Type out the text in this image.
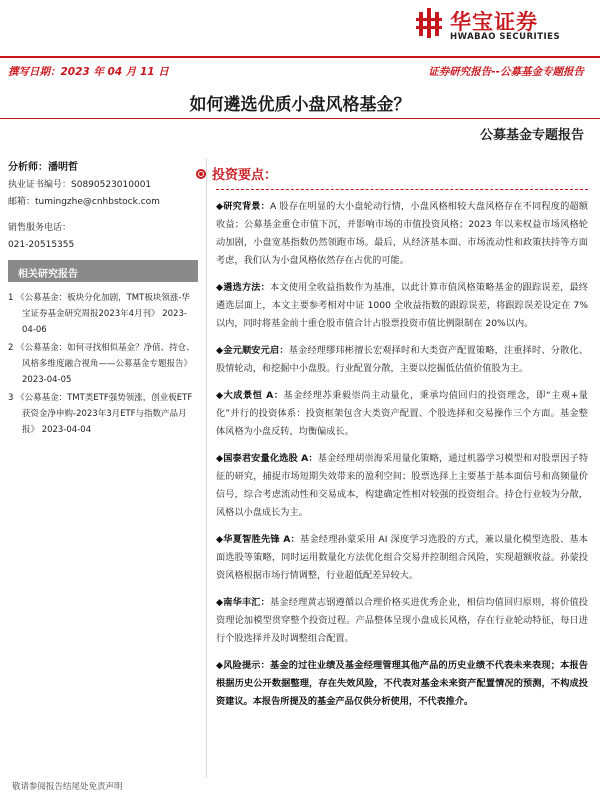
华宝证券
HWABAO SECURITIES
撰写日期：2023 年 04 月 11 日	证券研究报告--公募基金专题报告
如何遴选优质小盘风格基金？
公募基金专题报告
分析师：潘明哲
执业证书编号：S0890523010001
邮箱：tumingzhe@cnhbstock.com
销售服务电话：
021-20515355
相关研究报告
1 《公募基金：板块分化加剧，TMT板块领涨-华宝证券基金研究周报2023年4月刊》 2023-04-06
2 《公募基金：如何寻找相似基金？净值、持仓、风格多维度融合视角——公募基金专题报告》 2023-04-05
3 《公募基金：TMT类ETF强势领涨，创业板ETF获资金净申购-2023年3月ETF与指数产品月报》 2023-04-04
投资要点：

◆研究背景：A 股存在明显的大小盘轮动行情，小盘风格相较大盘风格存在不同程度的超额收益；公募基金重仓市值下沉，并影响市场的市值投资风格；2023 年以来权益市场风格轮动加剧，小盘宽基指数仍然领跑市场。最后，从经济基本面、市场流动性和政策扶持等方面考虑，我们认为小盘风格依然存在占优的可能。

◆遴选方法：本文使用全收益指数作为基准，以此计算市值风格策略基金的跟踪误差，最终遴选层面上，本文主要参考相对中证 1000 全收益指数的跟踪误差，将跟踪误差设定在 7%以内，同时将基金前十重仓股市值合计占股票投资市值比例限制在 20%以内。

◆金元顺安元启：基金经理缪玮彬擅长宏观择时和大类资产配置策略，注重择时、分散化、股情轮动，和挖掘中小盘股。行业配置分散，主要以挖掘低估值价值股为主。

◆大成景恒 A：基金经理苏秉毅崇尚主动量化，秉承均值回归的投资理念，即“主观+量化”并行的投资体系：投资框架包含大类资产配置、个股选择和交易操作三个方面。基金整体风格为小盘反转，均衡偏成长。

◆国泰君安量化选股 A：基金经理胡崇海采用量化策略，通过机器学习模型和对股票因子特征的研究，捕捉市场短期失效带来的盈利空间；股票选择上主要基于基本面信号和高频量价信号，综合考虑流动性和交易成本，构建确定性相对较强的投资组合。持仓行业较为分散，风格以小盘成长为主。

◆华夏智胜先锋 A：基金经理孙蒙采用 AI 深度学习选股的方式，兼以量化模型选股、基本面选股等策略，同时运用数量化方法优化组合交易并控制组合风险，实现超额收益。孙蒙投资风格根据市场行情调整，行业超低配差异较大。

◆南华丰汇：基金经理黄志钢遵循以合理价格买进优秀企业，相信均值回归原则，将价值投资理论加模型贯穿整个投资过程。产品整体呈现小盘成长风格，存在行业轮动特征，每日进行个股选择并及时调整组合配置。

◆风险提示：基金的过往业绩及基金经理管理其他产品的历史业绩不代表未来表现；本报告根据历史公开数据整理，存在失效风险，不代表对基金未来资产配置情况的预测，不构成投资建议。本报告所提及的基金产品仅供分析使用，不代表推介。

敬请参阅报告结尾处免责声明
